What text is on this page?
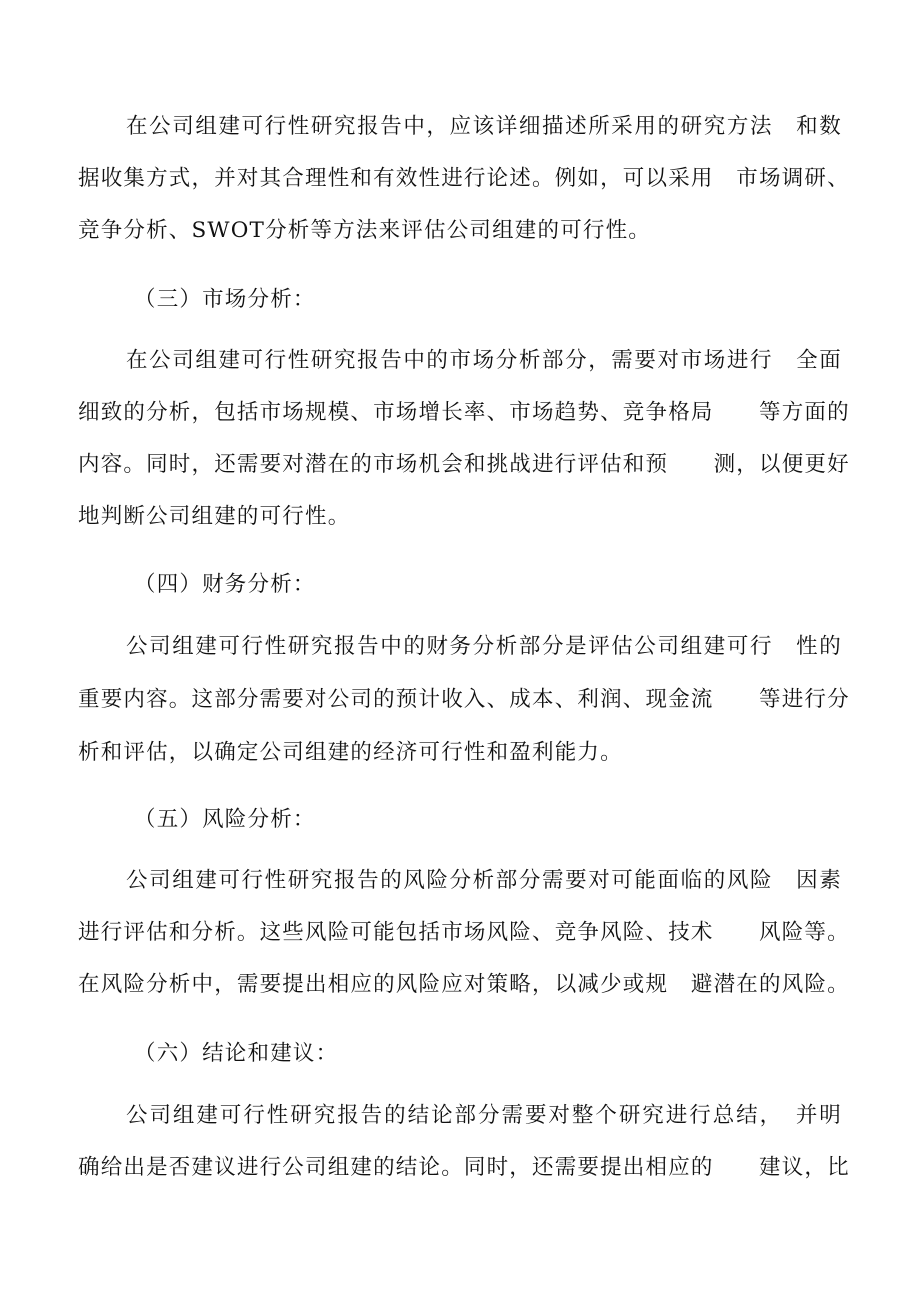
在公司组建可行性研究报告中，应该详细描述所采用的研究方法　和数
据收集方式，并对其合理性和有效性进行论述。例如，可以采用　市场调研、
竞争分析、SWOT分析等方法来评估公司组建的可行性。
（三）市场分析：
在公司组建可行性研究报告中的市场分析部分，需要对市场进行　全面
细致的分析，包括市场规模、市场增长率、市场趋势、竞争格局　　等方面的
内容。同时，还需要对潜在的市场机会和挑战进行评估和预　　测，以便更好
地判断公司组建的可行性。
（四）财务分析：
公司组建可行性研究报告中的财务分析部分是评估公司组建可行　性的
重要内容。这部分需要对公司的预计收入、成本、利润、现金流　　等进行分
析和评估，以确定公司组建的经济可行性和盈利能力。
（五）风险分析：
公司组建可行性研究报告的风险分析部分需要对可能面临的风险　因素
进行评估和分析。这些风险可能包括市场风险、竞争风险、技术　　风险等。
在风险分析中，需要提出相应的风险应对策略，以减少或规　避潜在的风险。
（六）结论和建议：
公司组建可行性研究报告的结论部分需要对整个研究进行总结，　并明
确给出是否建议进行公司组建的结论。同时，还需要提出相应的　　建议，比
